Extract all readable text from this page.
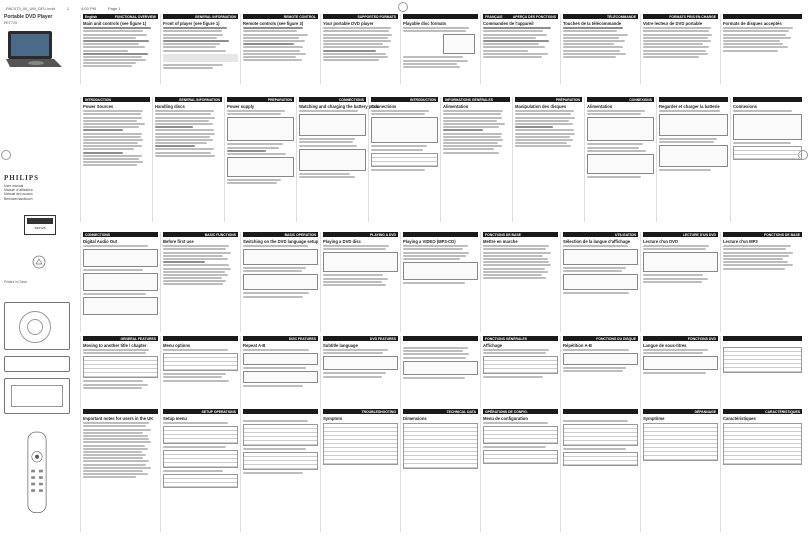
PAC073_00_UM_DFU.indd	1	4:00 PM	Page 1
Portable DVD Player
PET725
PHILIPS
User manual
Manuel d'utilisation
Manual del usuario
Benutzerhandbuch
PET725
Printed in China
English	FUNCTIONAL OVERVIEW
Main unit controls (see figure 1)
GENERAL INFORMATION
Front of player (see figure 1)
REMOTE CONTROL
Remote controls (see figure 3)
SUPPORTED FORMATS
Your portable DVD player	Playable disc formats
FRANÇAIS	APERÇU DES FONCTIONS
Commandes de l'appareil
TÉLÉCOMMANDE
Touches de la télécommande
FORMATS PRIS EN CHARGE
Votre lecteur de DVD portable	Formats de disques acceptés
INTRODUCTION
Power Sources
GENERAL INFORMATION
Handling discs
PREPARATION
Power supply
CONNECTIONS
Watching and charging the battery pack
INTRODUCTION
Connections
INFORMATIONS GÉNÉRALES
Alimentation
PRÉPARATION
Manipulation des disques
CONNEXIONS
Alimentation	Regarder et charger la batterie	Connexions
CONNECTIONS
Digital Audio Out
BASIC FUNCTIONS
Before first use
BASIC OPERATION
Switching on the DVD language setup
PLAYING A DVD
Playing a DVD disc	Playing a VIDEO (MP3-CD)
FONCTIONS DE BASE
Mettre en marche
UTILISATION
Sélection de la langue d'affichage
LECTURE D'UN DVD
Lecture d'un DVD
FONCTIONS DE BASE
Lecture d'un MP3
GENERAL FEATURES
Moving to another title / chapter	Menu options
DISC FEATURES
Repeat A-B
DVD FEATURES
Subtitle language
FONCTIONS GÉNÉRALES
Affichage
FONCTIONS DU DISQUE
Répétition A-B
FONCTIONS DVD
Langue de sous-titres
Important notes for users in the UK
SETUP OPERATIONS
Setup menu
TROUBLESHOOTING
Symptom
TECHNICAL DATA
Dimensions
OPÉRATIONS DE CONFIG.
Menu de configuration
DÉPANNAGE
Symptôme
CARACTÉRISTIQUES
Caractéristiques
